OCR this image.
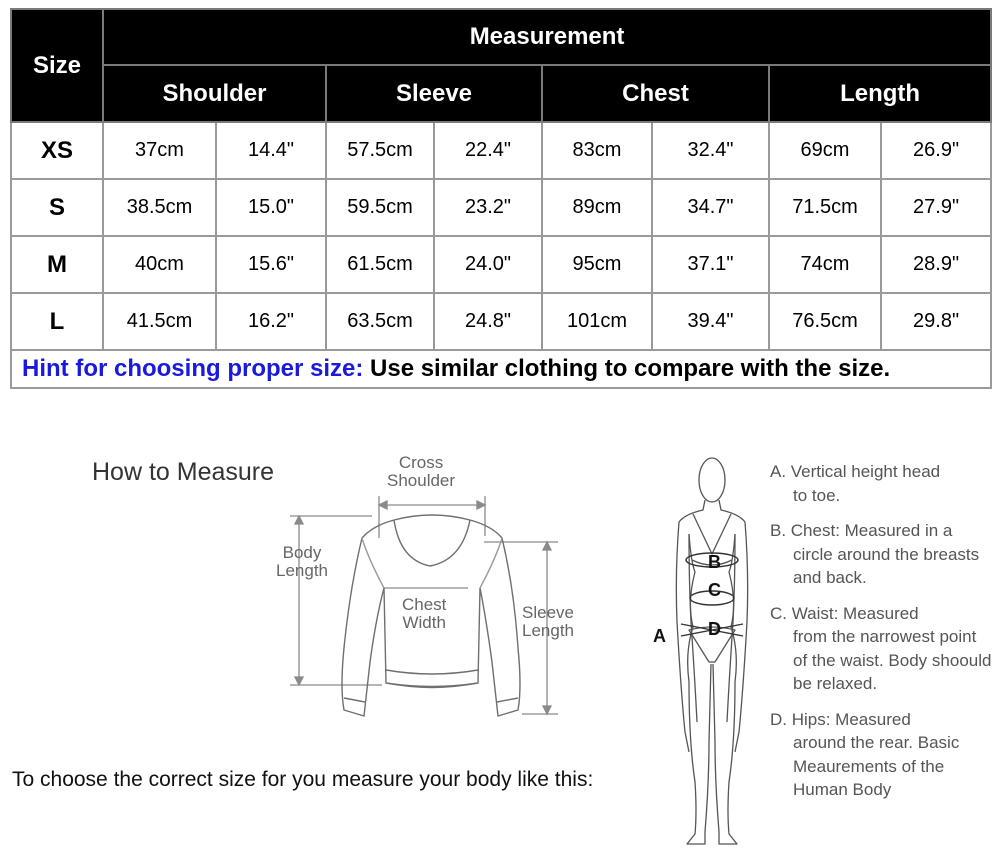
Size	Measurement							
	Shoulder		Sleeve		Chest		Length	
XS	37cm	14.4"	57.5cm	22.4"	83cm	32.4"	69cm	26.9"
S	38.5cm	15.0"	59.5cm	23.2"	89cm	34.7"	71.5cm	27.9"
M	40cm	15.6"	61.5cm	24.0"	95cm	37.1"	74cm	28.9"
L	41.5cm	16.2"	63.5cm	24.8"	101cm	39.4"	76.5cm	29.8"
Hint for choosing proper size: Use similar clothing to compare with the size.								
How to Measure	Cross
Shoulder
Body
Length
Chest
Width
Sleeve
Length
B
C
A D
A. Vertical height head
to toe.
B. Chest: Measured in a
circle around the breasts and back.
C. Waist: Measured
from the narrowest point of the waist. Body shoould be relaxed.
D. Hips: Measured
around the rear. Basic Meaurements of the Human Body
To choose the correct size for you measure your body like this:
